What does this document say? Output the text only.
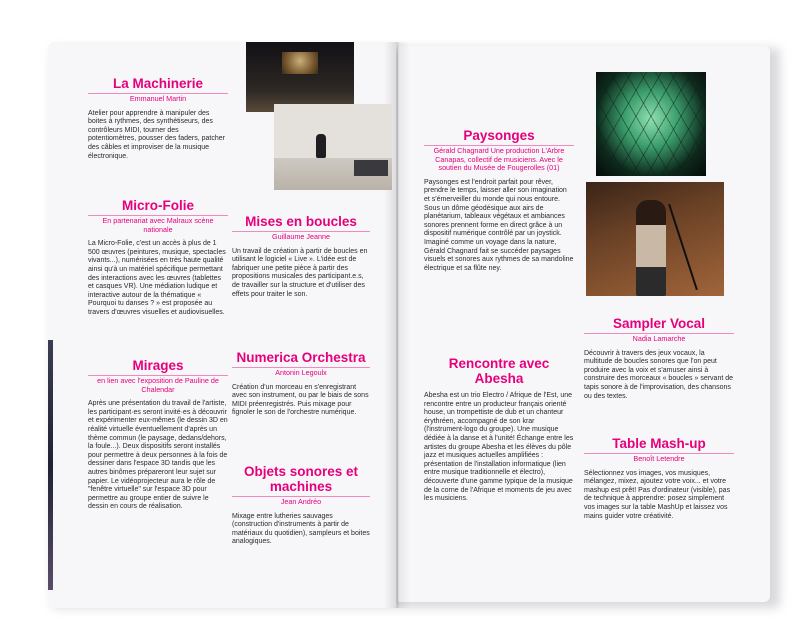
La Machinerie
Emmanuel Martin

Atelier pour apprendre à manipuler des boites à rythmes, des synthétiseurs, des contrôleurs MIDI, tourner des potentiomètres, pousser des faders, patcher des câbles et improviser de la musique électronique.

Micro-Folie
En partenariat avec Malraux scène nationale

La Micro-Folie, c'est un accès à plus de 1 500 œuvres (peintures, musique, spectacles vivants...), numérisées en très haute qualité ainsi qu'à un matériel spécifique permettant des interactions avec les œuvres (tablettes et casques VR). Une médiation ludique et interactive autour de la thématique « Pourquoi tu danses ? » est proposée au travers d'œuvres visuelles et audiovisuelles.

Mirages
en lien avec l'exposition de Pauline de Chalendar

Après une présentation du travail de l'artiste, les participant·es seront invité·es à découvrir et expérimenter eux-mêmes (le dessin 3D en réalité virtuelle éventuellement d'après un thème commun (le paysage, dedans/dehors, la foule...). Deux dispositifs seront installés pour permettre à deux personnes à la fois de dessiner dans l'espace 3D tandis que les autres binômes prépareront leur sujet sur papier. Le vidéoprojecteur aura le rôle de "fenêtre virtuelle" sur l'espace 3D pour permettre au groupe entier de suivre le dessin en cours de réalisation.

Mises en boucles
Guillaume Jeanne

Un travail de création à partir de boucles en utilisant le logiciel « Live ». L'idée est de fabriquer une petite pièce à partir des propositions musicales des participant.e.s, de travailler sur la structure et d'utiliser des effets pour traiter le son.

Numerica Orchestra
Antonin Legoulx

Création d'un morceau en s'enregistrant avec son instrument, ou par le biais de sons MIDI préenregistrés. Puis mixage pour fignoler le son de l'orchestre numérique.

Objets sonores et machines
Jean Andréo

Mixage entre lutheries sauvages (construction d'instruments à partir de matériaux du quotidien), sampleurs et boites analogiques.

Paysonges
Gérald Chagnard Une production L'Arbre Canapas, collectif de musiciens. Avec le soutien du Musée de Fougerolles (01)

Paysonges est l'endroit parfait pour rêver, prendre le temps, laisser aller son imagination et s'émerveiller du monde qui nous entoure. Sous un dôme géodésique aux airs de planétarium, tableaux végétaux et ambiances sonores prennent forme en direct grâce à un dispositif numérique contrôlé par un joystick. Imaginé comme un voyage dans la nature, Gérald Chagnard fait se succéder paysages visuels et sonores aux rythmes de sa mandoline électrique et sa flûte ney.

Rencontre avec Abesha

Abesha est un trio Electro / Afrique de l'Est, une rencontre entre un producteur français orienté house, un trompettiste de dub et un chanteur érythréen, accompagné de son krar (l'instrument-logo du groupe). Une musique dédiée à la danse et à l'unité! Échange entre les artistes du groupe Abesha et les élèves du pôle jazz et musiques actuelles amplifiées : présentation de l'installation informatique (lien entre musique traditionnelle et électro), découverte d'une gamme typique de la musique de la corne de l'Afrique et moments de jeu avec les musiciens.

Sampler Vocal
Nadia Lamarche

Découvrir à travers des jeux vocaux, la multitude de boucles sonores que l'on peut produire avec la voix et s'amuser ainsi à construire des morceaux « boucles » servant de tapis sonore à de l'improvisation, des chansons ou des textes.

Table Mash-up
Benoît Letendre

Sélectionnez vos images, vos musiques, mélangez, mixez, ajoutez votre voix... et votre mashup est prêt! Pas d'ordinateur (visible), pas de technique à apprendre: posez simplement vos images sur la table MashUp et laissez vos mains guider votre créativité.
